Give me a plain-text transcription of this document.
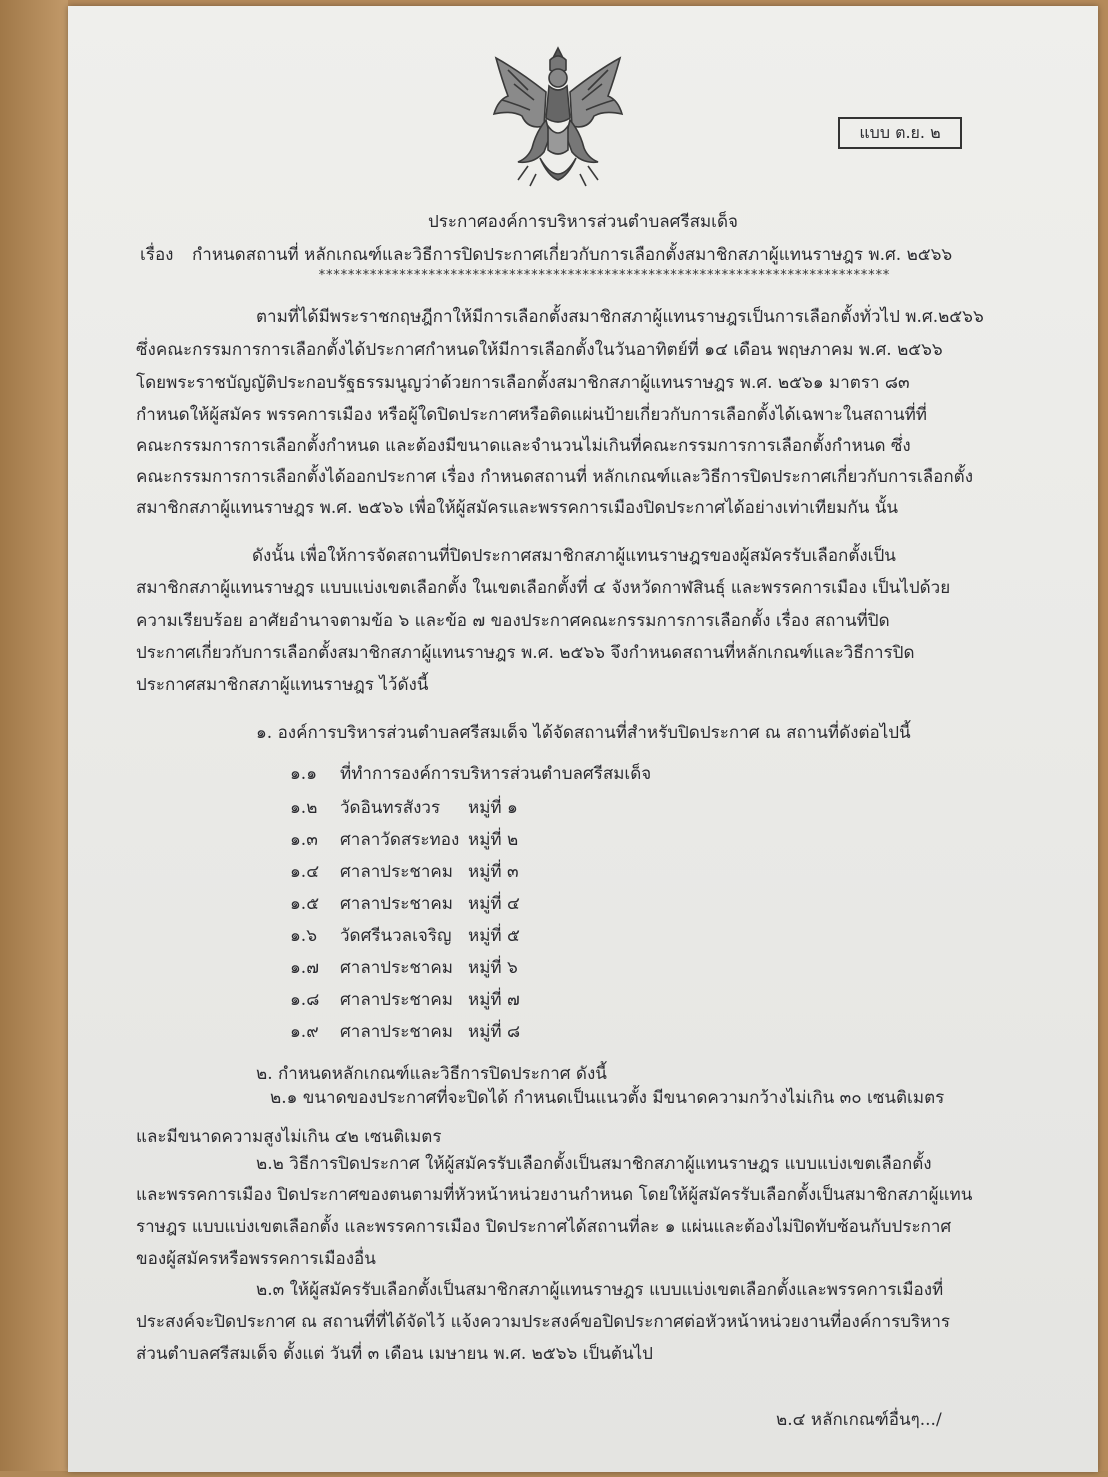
แบบ ต.ย. ๒
ประกาศองค์การบริหารส่วนตำบลศรีสมเด็จ
เรื่อง กำหนดสถานที่ หลักเกณฑ์และวิธีการปิดประกาศเกี่ยวกับการเลือกตั้งสมาชิกสภาผู้แทนราษฎร พ.ศ. ๒๕๖๖
******************************************************************************
ตามที่ได้มีพระราชกฤษฎีกาให้มีการเลือกตั้งสมาชิกสภาผู้แทนราษฎรเป็นการเลือกตั้งทั่วไป พ.ศ.๒๕๖๖
ซึ่งคณะกรรมการการเลือกตั้งได้ประกาศกำหนดให้มีการเลือกตั้งในวันอาทิตย์ที่ ๑๔ เดือน พฤษภาคม พ.ศ. ๒๕๖๖
โดยพระราชบัญญัติประกอบรัฐธรรมนูญว่าด้วยการเลือกตั้งสมาชิกสภาผู้แทนราษฎร พ.ศ. ๒๕๖๑ มาตรา ๘๓
กำหนดให้ผู้สมัคร พรรคการเมือง หรือผู้ใดปิดประกาศหรือติดแผ่นป้ายเกี่ยวกับการเลือกตั้งได้เฉพาะในสถานที่ที่
คณะกรรมการการเลือกตั้งกำหนด และต้องมีขนาดและจำนวนไม่เกินที่คณะกรรมการการเลือกตั้งกำหนด ซึ่ง
คณะกรรมการการเลือกตั้งได้ออกประกาศ เรื่อง กำหนดสถานที่ หลักเกณฑ์และวิธีการปิดประกาศเกี่ยวกับการเลือกตั้ง
สมาชิกสภาผู้แทนราษฎร พ.ศ. ๒๕๖๖ เพื่อให้ผู้สมัครและพรรคการเมืองปิดประกาศได้อย่างเท่าเทียมกัน นั้น
ดังนั้น เพื่อให้การจัดสถานที่ปิดประกาศสมาชิกสภาผู้แทนราษฎรของผู้สมัครรับเลือกตั้งเป็น
สมาชิกสภาผู้แทนราษฎร แบบแบ่งเขตเลือกตั้ง ในเขตเลือกตั้งที่ ๔ จังหวัดกาฬสินธุ์ และพรรคการเมือง เป็นไปด้วย
ความเรียบร้อย อาศัยอำนาจตามข้อ ๖ และข้อ ๗ ของประกาศคณะกรรมการการเลือกตั้ง เรื่อง สถานที่ปิด
ประกาศเกี่ยวกับการเลือกตั้งสมาชิกสภาผู้แทนราษฎร พ.ศ. ๒๕๖๖ จึงกำหนดสถานที่หลักเกณฑ์และวิธีการปิด
ประกาศสมาชิกสภาผู้แทนราษฎร ไว้ดังนี้
๑. องค์การบริหารส่วนตำบลศรีสมเด็จ ได้จัดสถานที่สำหรับปิดประกาศ ณ สถานที่ดังต่อไปนี้
๑.๑ ที่ทำการองค์การบริหารส่วนตำบลศรีสมเด็จ
๑.๒ วัดอินทรสังวร หมู่ที่ ๑
๑.๓ ศาลาวัดสระทอง หมู่ที่ ๒
๑.๔ ศาลาประชาคม หมู่ที่ ๓
๑.๕ ศาลาประชาคม หมู่ที่ ๔
๑.๖ วัดศรีนวลเจริญ หมู่ที่ ๕
๑.๗ ศาลาประชาคม หมู่ที่ ๖
๑.๘ ศาลาประชาคม หมู่ที่ ๗
๑.๙ ศาลาประชาคม หมู่ที่ ๘
๒. กำหนดหลักเกณฑ์และวิธีการปิดประกาศ ดังนี้
๒.๑ ขนาดของประกาศที่จะปิดได้ กำหนดเป็นแนวตั้ง มีขนาดความกว้างไม่เกิน ๓๐ เซนติเมตร
และมีขนาดความสูงไม่เกิน ๔๒ เซนติเมตร
๒.๒ วิธีการปิดประกาศ ให้ผู้สมัครรับเลือกตั้งเป็นสมาชิกสภาผู้แทนราษฎร แบบแบ่งเขตเลือกตั้ง
และพรรคการเมือง ปิดประกาศของตนตามที่หัวหน้าหน่วยงานกำหนด โดยให้ผู้สมัครรับเลือกตั้งเป็นสมาชิกสภาผู้แทน
ราษฎร แบบแบ่งเขตเลือกตั้ง และพรรคการเมือง ปิดประกาศได้สถานที่ละ ๑ แผ่นและต้องไม่ปิดทับซ้อนกับประกาศ
ของผู้สมัครหรือพรรคการเมืองอื่น
๒.๓ ให้ผู้สมัครรับเลือกตั้งเป็นสมาชิกสภาผู้แทนราษฎร แบบแบ่งเขตเลือกตั้งและพรรคการเมืองที่
ประสงค์จะปิดประกาศ ณ สถานที่ที่ได้จัดไว้ แจ้งความประสงค์ขอปิดประกาศต่อหัวหน้าหน่วยงานที่องค์การบริหาร
ส่วนตำบลศรีสมเด็จ ตั้งแต่ วันที่ ๓ เดือน เมษายน พ.ศ. ๒๕๖๖ เป็นต้นไป
๒.๔ หลักเกณฑ์อื่นๆ.../
